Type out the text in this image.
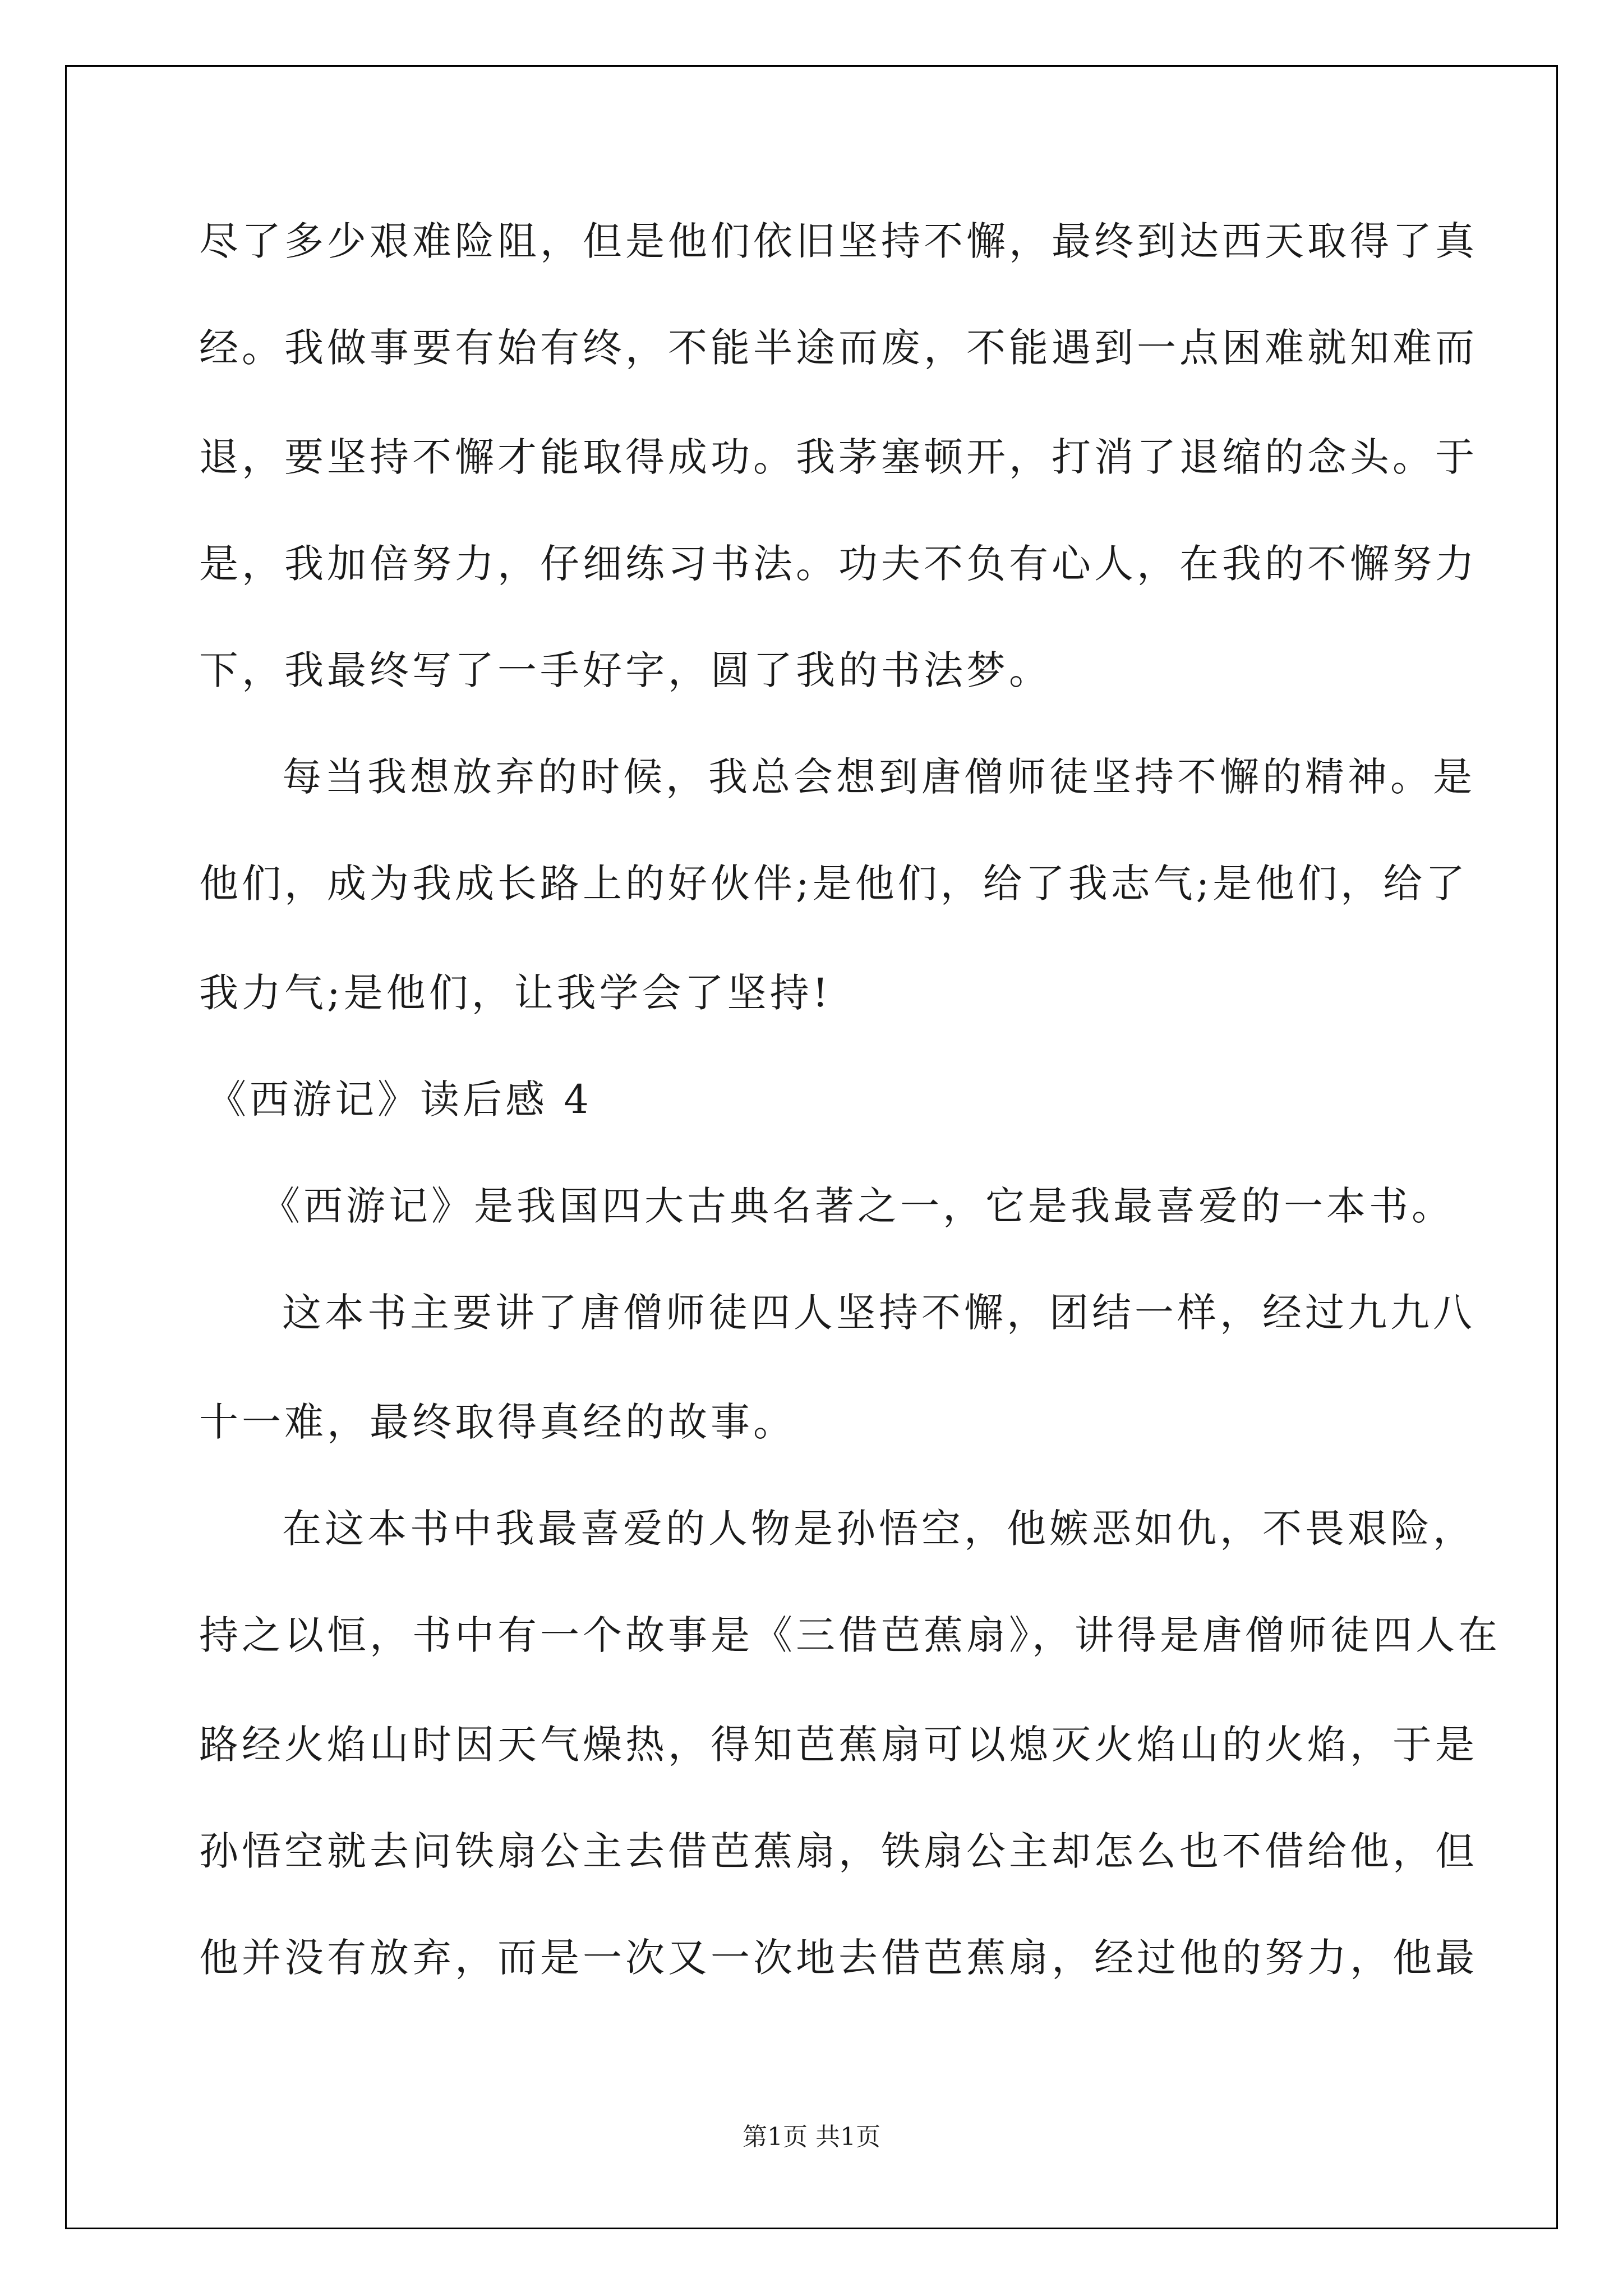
尽了多少艰难险阻，但是他们依旧坚持不懈，最终到达西天取得了真

经。我做事要有始有终，不能半途而废，不能遇到一点困难就知难而

退，要坚持不懈才能取得成功。我茅塞顿开，打消了退缩的念头。于

是，我加倍努力，仔细练习书法。功夫不负有心人，在我的不懈努力

下，我最终写了一手好字，圆了我的书法梦。

每当我想放弃的时候，我总会想到唐僧师徒坚持不懈的精神。是

他们，成为我成长路上的好伙伴;是他们，给了我志气;是他们，给了

我力气;是他们，让我学会了坚持!

《西游记》读后感 4

《西游记》是我国四大古典名著之一，它是我最喜爱的一本书。

这本书主要讲了唐僧师徒四人坚持不懈，团结一样，经过九九八

十一难，最终取得真经的故事。

在这本书中我最喜爱的人物是孙悟空，他嫉恶如仇，不畏艰险，

持之以恒，书中有一个故事是《三借芭蕉扇》，讲得是唐僧师徒四人在

路经火焰山时因天气燥热，得知芭蕉扇可以熄灭火焰山的火焰，于是

孙悟空就去问铁扇公主去借芭蕉扇，铁扇公主却怎么也不借给他，但

他并没有放弃，而是一次又一次地去借芭蕉扇，经过他的努力，他最

第1页 共1页
